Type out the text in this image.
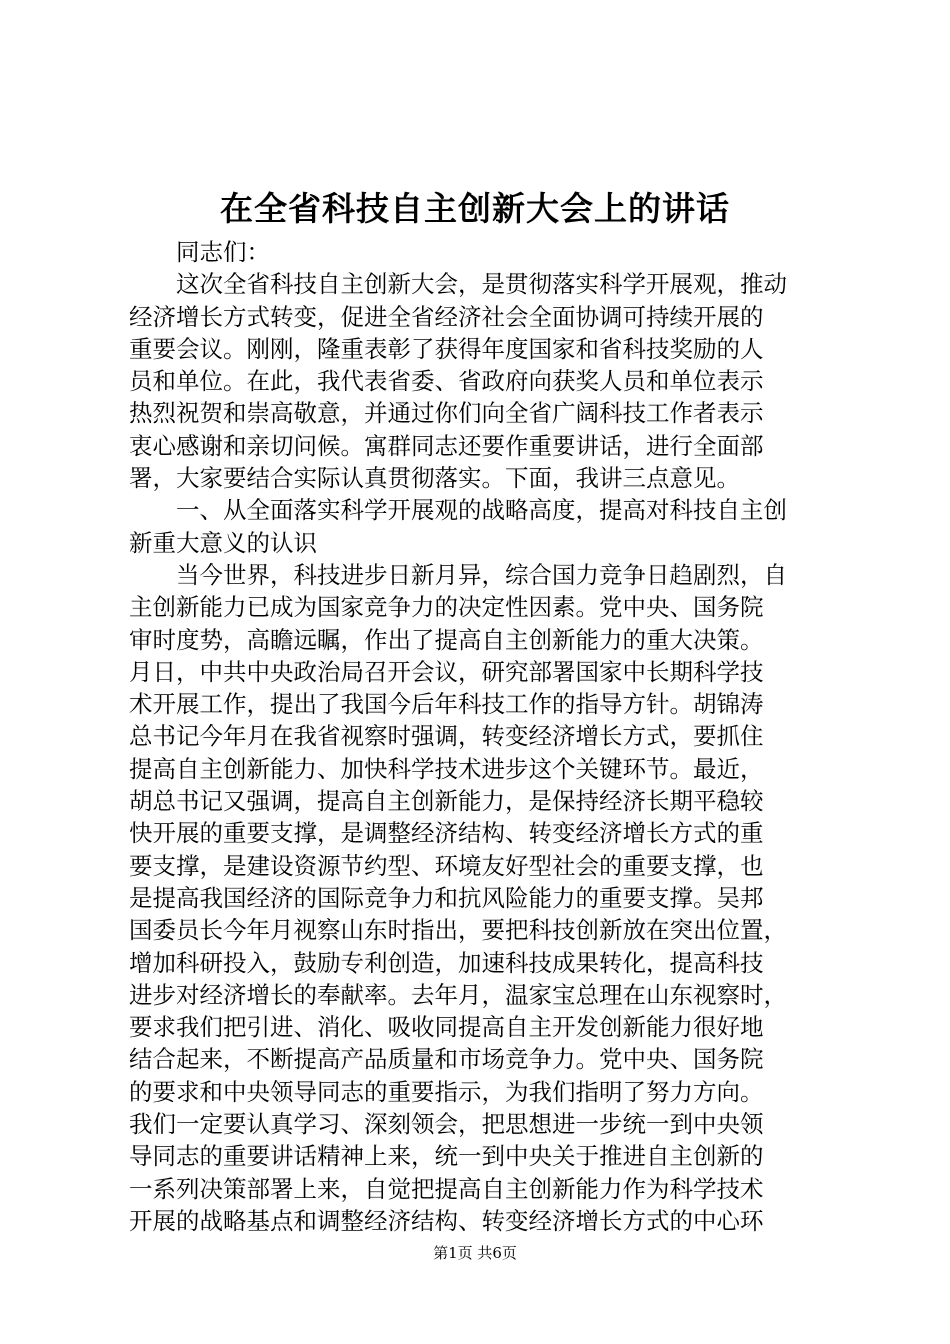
在全省科技自主创新大会上的讲话
　　同志们：
　　这次全省科技自主创新大会，是贯彻落实科学开展观，推动
经济增长方式转变，促进全省经济社会全面协调可持续开展的
重要会议。刚刚，隆重表彰了获得年度国家和省科技奖励的人
员和单位。在此，我代表省委、省政府向获奖人员和单位表示
热烈祝贺和崇高敬意，并通过你们向全省广阔科技工作者表示
衷心感谢和亲切问候。寓群同志还要作重要讲话，进行全面部
署，大家要结合实际认真贯彻落实。下面，我讲三点意见。
　　一、从全面落实科学开展观的战略高度，提高对科技自主创
新重大意义的认识
　　当今世界，科技进步日新月异，综合国力竞争日趋剧烈，自
主创新能力已成为国家竞争力的决定性因素。党中央、国务院
审时度势，高瞻远瞩，作出了提高自主创新能力的重大决策。
月日，中共中央政治局召开会议，研究部署国家中长期科学技
术开展工作，提出了我国今后年科技工作的指导方针。胡锦涛
总书记今年月在我省视察时强调，转变经济增长方式，要抓住
提高自主创新能力、加快科学技术进步这个关键环节。最近，
胡总书记又强调，提高自主创新能力，是保持经济长期平稳较
快开展的重要支撑，是调整经济结构、转变经济增长方式的重
要支撑，是建设资源节约型、环境友好型社会的重要支撑，也
是提高我国经济的国际竞争力和抗风险能力的重要支撑。吴邦
国委员长今年月视察山东时指出，要把科技创新放在突出位置，
增加科研投入，鼓励专利创造，加速科技成果转化，提高科技
进步对经济增长的奉献率。去年月，温家宝总理在山东视察时，
要求我们把引进、消化、吸收同提高自主开发创新能力很好地
结合起来，不断提高产品质量和市场竞争力。党中央、国务院
的要求和中央领导同志的重要指示，为我们指明了努力方向。
我们一定要认真学习、深刻领会，把思想进一步统一到中央领
导同志的重要讲话精神上来，统一到中央关于推进自主创新的
一系列决策部署上来，自觉把提高自主创新能力作为科学技术
开展的战略基点和调整经济结构、转变经济增长方式的中心环
第1页 共6页
